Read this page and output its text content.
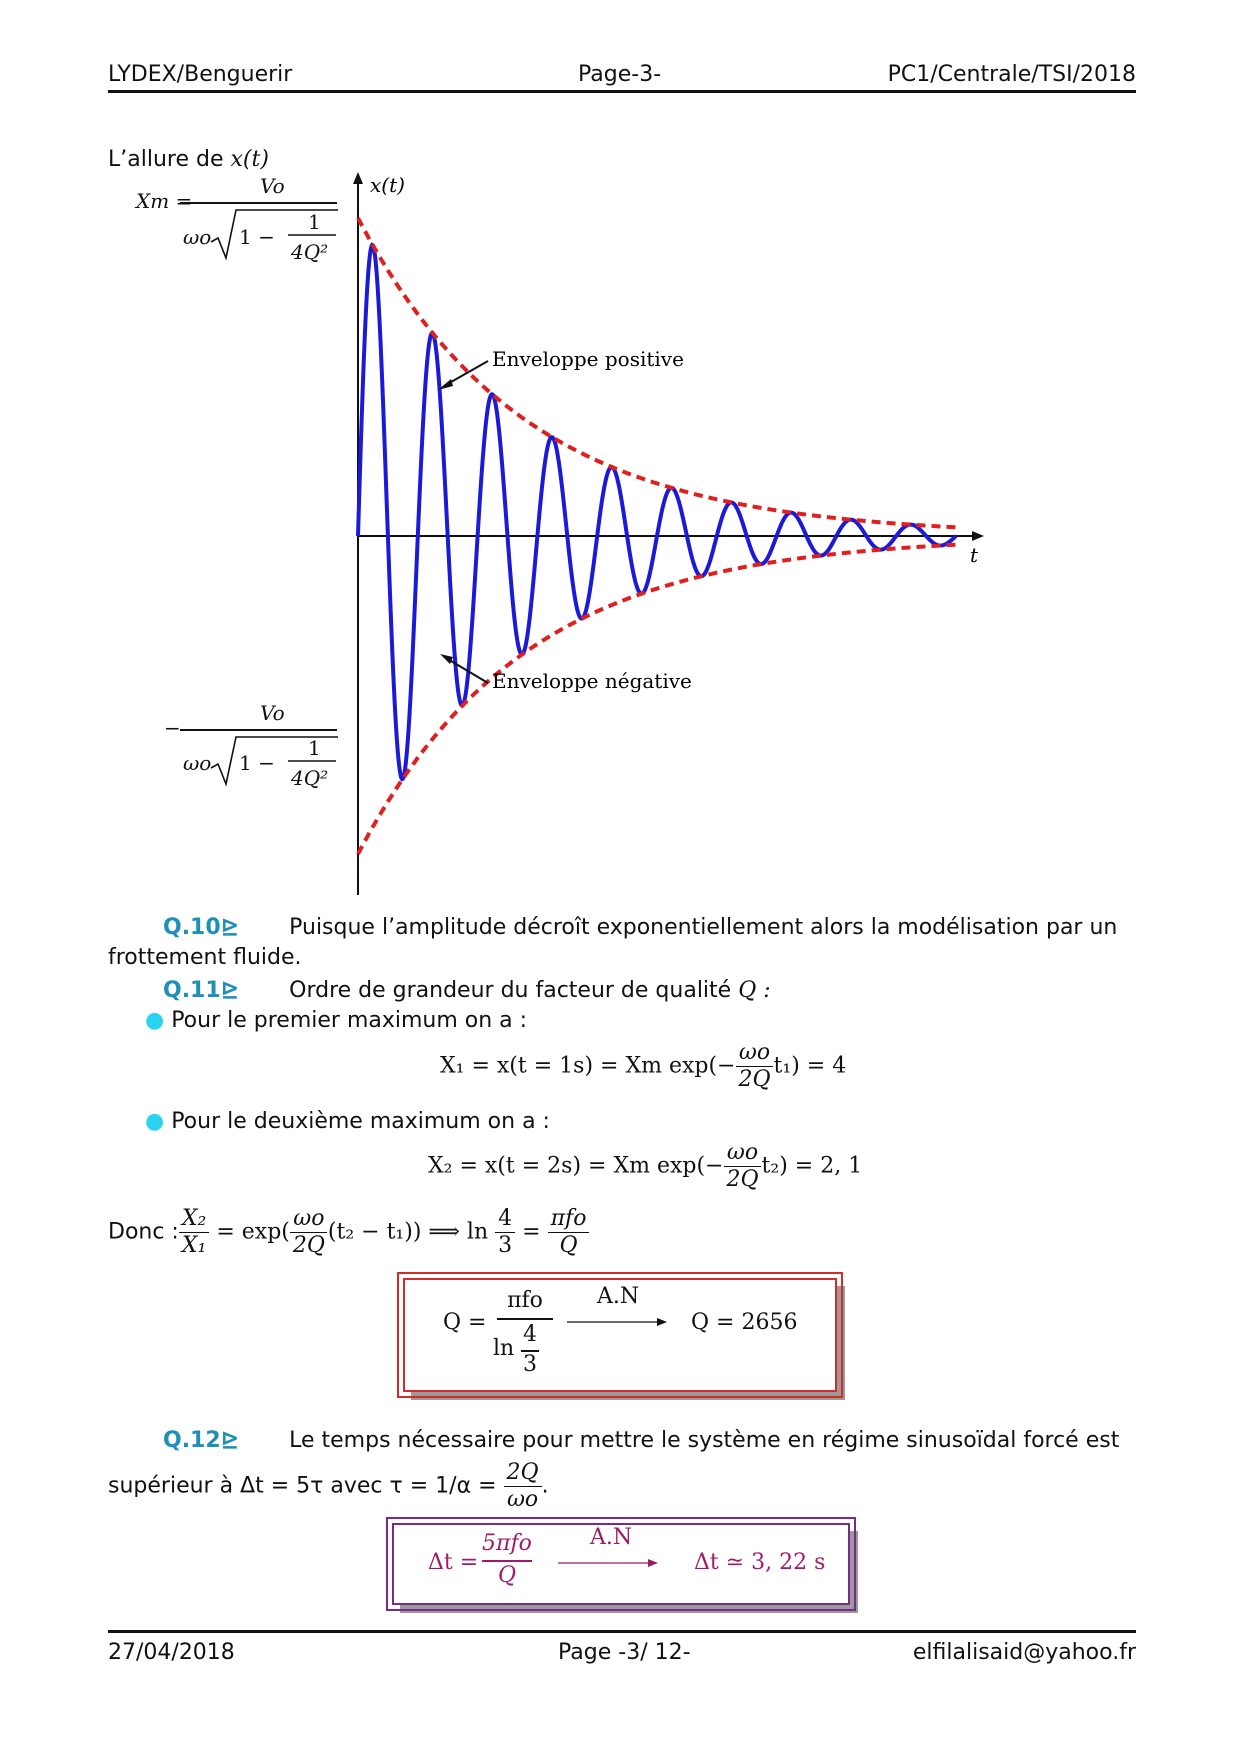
LYDEX/Benguerir	Page-3-	PC1/Centrale/TSI/2018
L’allure de x(t)
x(t)
t
Enveloppe positive
Enveloppe négative
Xm =
Vo
ωo 1 −
1
4Q²
−
Vo
ωo 1 −
1
4Q²
Q.10⊵ Puisque l’amplitude décroît exponentiellement alors la modélisation par un
frottement fluide.
Q.11⊵ Ordre de grandeur du facteur de qualité Q :
● Pour le premier maximum on a :
X₁ = x(t = 1s) = Xm $\exp(- \frac{\omega o}{2Q} t_1) = 4$
● Pour le deuxième maximum on a :
X₂ = x(t = 2s) = Xm $\exp(- \frac{\omega o}{2Q} t_2) = 2$, 1
Donc : $\frac{\text{X₂}}{\text{X₁}} = \exp( \frac{\omega o}{2Q} (t_2 - t_1))$ ⟹ $\ln \frac{4}{3} = \frac{\text{πfo}}{Q}$
Q =
πfo
ln
4
3
A.N
Q = 2656
Q.12⊵ Le temps nécessaire pour mettre le système en régime sinusoïdal forcé est
supérieur à Δt = 5τ avec $\tau = 1/\alpha = \frac{2Q}{\omega o}$ .
Δt =
5πfo
Q
A.N
Δt ≃ 3, 22 s
27/04/2018	Page -3/ 12-	elfilalisaid@yahoo.fr
